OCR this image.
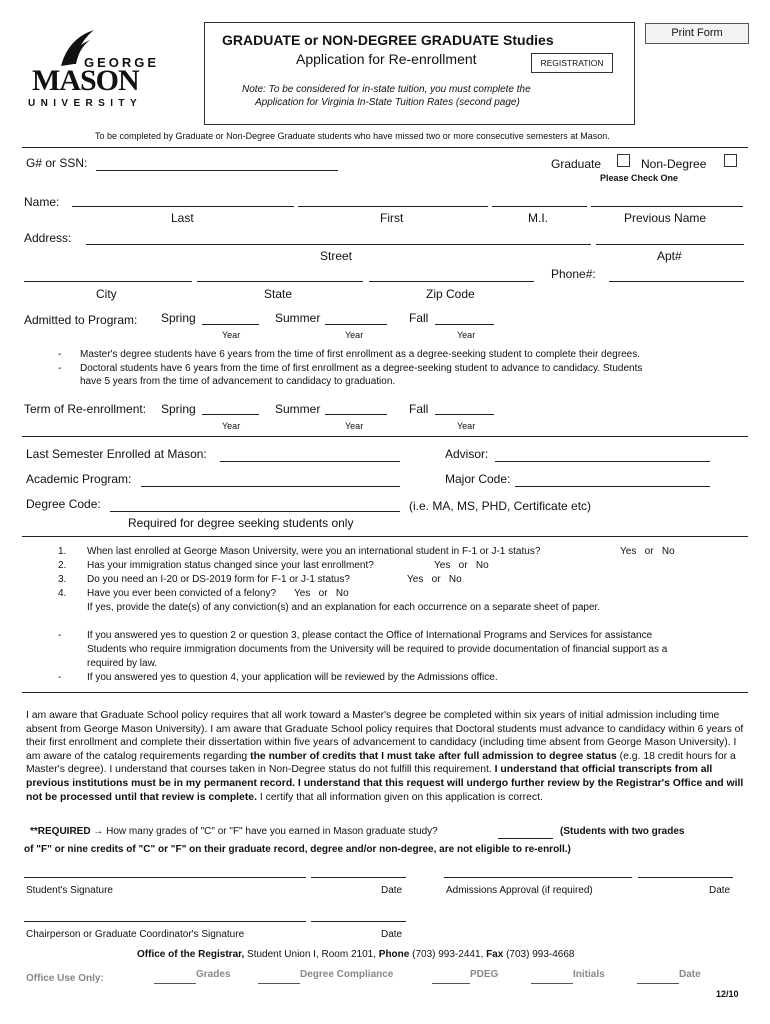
GEORGE
MASON
UNIVERSITY
GRADUATE or NON-DEGREE GRADUATE Studies
Application for Re-enrollment	REGISTRATION
Note: To be considered for in-state tuition, you must complete the
Application for Virginia In-State Tuition Rates (second page)
Print Form
To be completed by Graduate or Non-Degree Graduate students who have missed two or more consecutive semesters at Mason.
G# or SSN:	Graduate	Non-Degree
Please Check One
Name:
Last	First	M.I.	Previous Name
Address:
Street	Apt#
Phone#:
City	State	Zip Code
Admitted to Program: Spring	Summer	Fall
Year	Year	Year
- Master's degree students have 6 years from the time of first enrollment as a degree-seeking student to complete their degrees.
- Doctoral students have 6 years from the time of first enrollment as a degree-seeking student to advance to candidacy. Students
have 5 years from the time of advancement to candidacy to graduation.
Term of Re-enrollment: Spring	Summer	Fall
Year	Year	Year
Last Semester Enrolled at Mason:	Advisor:
Academic Program:	Major Code:
Degree Code:	(i.e. MA, MS, PHD, Certificate etc)
Required for degree seeking students only
1. When last enrolled at George Mason University, were you an international student in F-1 or J-1 status?	Yes   or   No
2. Has your immigration status changed since your last enrollment?	Yes   or   No
3. Do you need an I-20 or DS-2019 form for F-1 or J-1 status?	Yes   or   No
4. Have you ever been convicted of a felony? Yes   or   No
If yes, provide the date(s) of any conviction(s) and an explanation for each occurrence on a separate sheet of paper.
-	If you answered yes to question 2 or question 3, please contact the Office of International Programs and Services for assistance
Students who require immigration documents from the University will be required to provide documentation of financial support as a
required by law.
-	If you answered yes to question 4, your application will be reviewed by the Admissions office.
I am aware that Graduate School policy requires that all work toward a Master's degree be completed within six years of initial admission including time absent from George Mason University). I am aware that Graduate School policy requires that Doctoral students must advance to candidacy within 6 years of their first enrollment and complete their dissertation within five years of advancement to candidacy (including time absent from George Mason University). I am aware of the catalog requirements regarding the number of credits that I must take after full admission to degree status (e.g. 18 credit hours for a Master's degree). I understand that courses taken in Non-Degree status do not fulfill this requirement. I understand that official transcripts from all previous institutions must be in my permanent record. I understand that this request will undergo further review by the Registrar's Office and will not be processed until that review is complete. I certify that all information given on this application is correct.
**REQUIRED → How many grades of "C" or "F" have you earned in Mason graduate study?	(Students with two grades
of "F" or nine credits of "C" or "F" on their graduate record, degree and/or non-degree, are not eligible to re-enroll.)
Student's Signature	Date	Admissions Approval (if required)	Date
Chairperson or Graduate Coordinator's Signature	Date
Office of the Registrar, Student Union I, Room 2101, Phone (703) 993-2441, Fax (703) 993-4668
Office Use Only:	Grades	Degree Compliance	PDEG	Initials	Date
12/10
